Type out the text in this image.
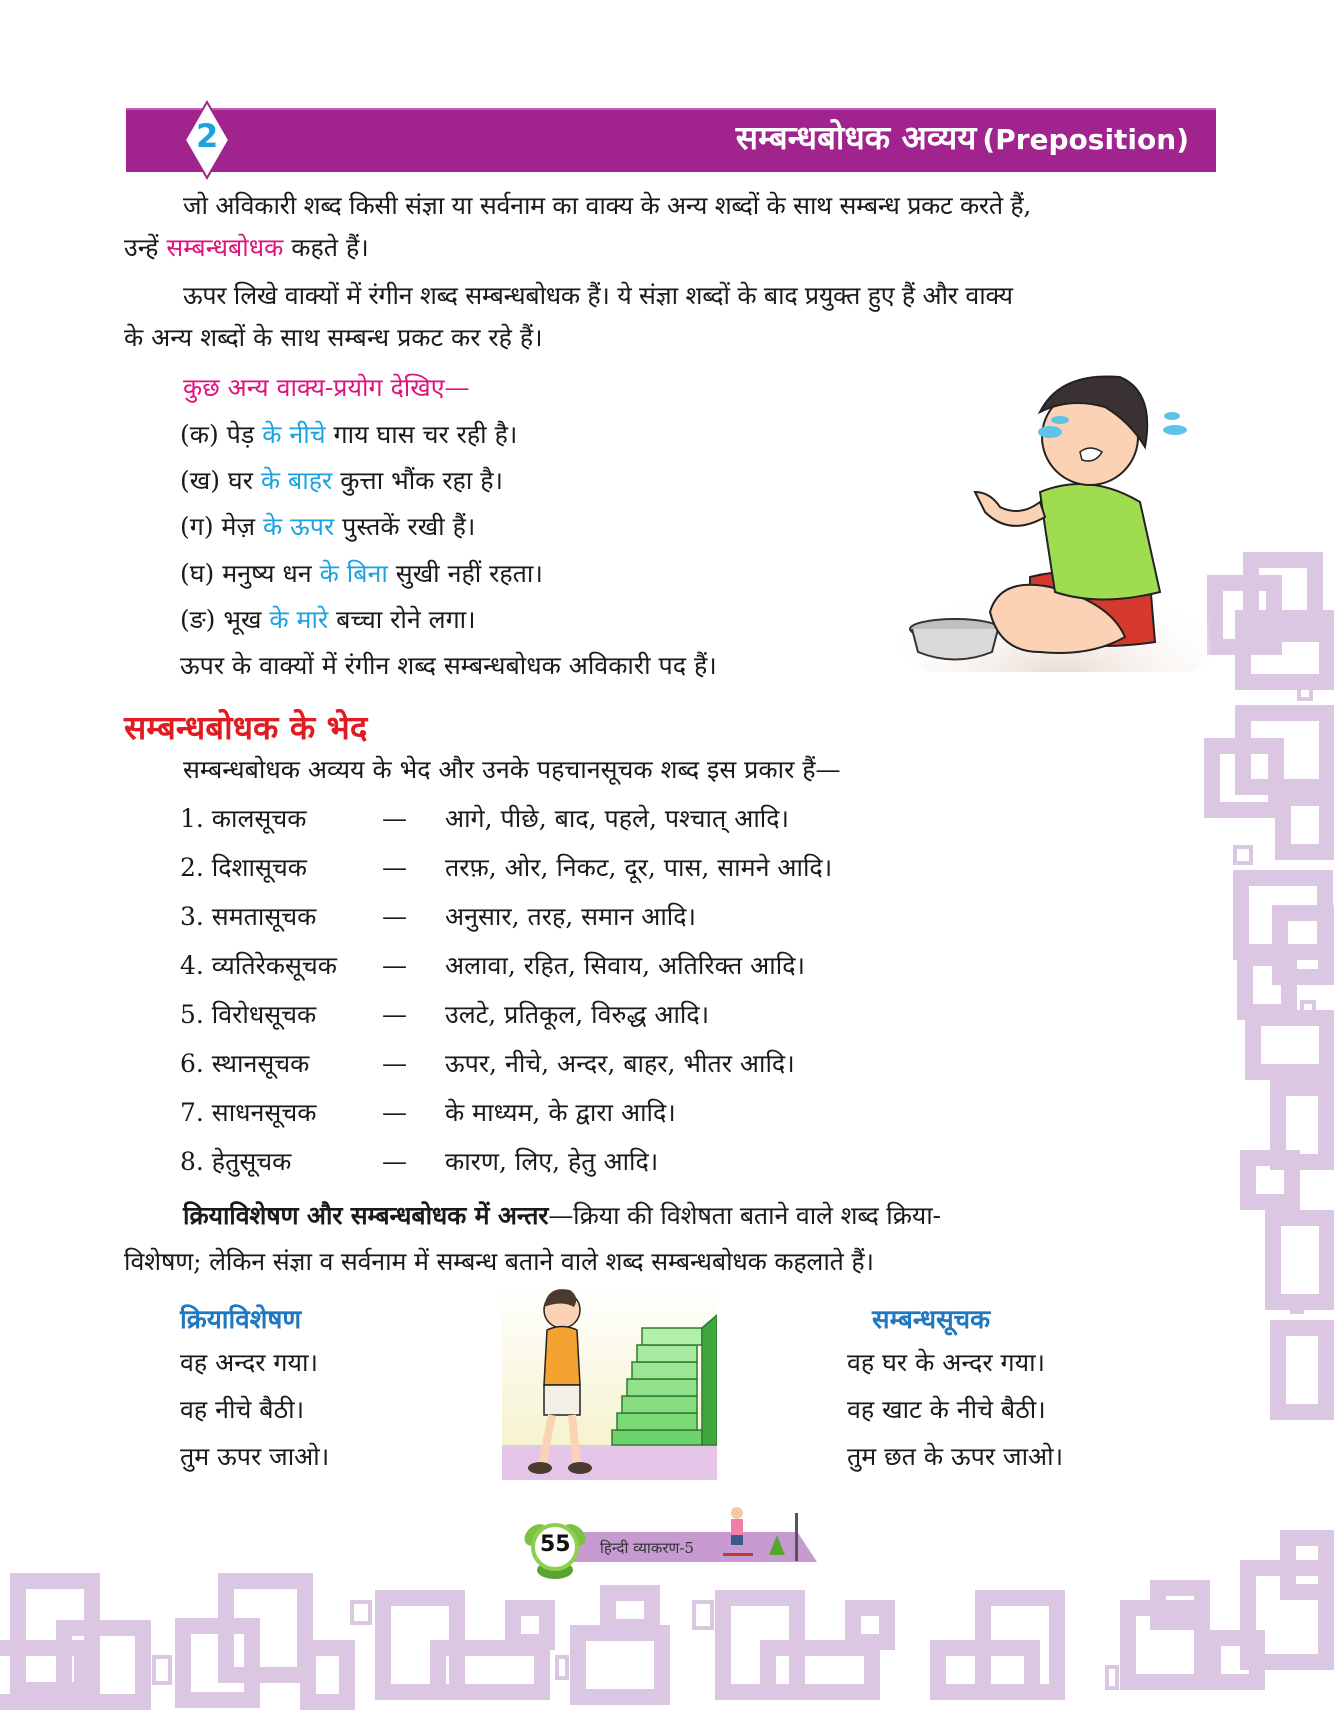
2	सम्बन्धबोधक अव्यय (Preposition)
जो अविकारी शब्द किसी संज्ञा या सर्वनाम का वाक्य के अन्य शब्दों के साथ सम्बन्ध प्रकट करते हैं,
उन्हें सम्बन्धबोधक कहते हैं।
ऊपर लिखे वाक्यों में रंगीन शब्द सम्बन्धबोधक हैं। ये संज्ञा शब्दों के बाद प्रयुक्त हुए हैं और वाक्य
के अन्य शब्दों के साथ सम्बन्ध प्रकट कर रहे हैं।
कुछ अन्य वाक्य-प्रयोग देखिए—
(क) पेड़ के नीचे गाय घास चर रही है।
(ख) घर के बाहर कुत्ता भौंक रहा है।
(ग) मेज़ के ऊपर पुस्तकें रखी हैं।
(घ) मनुष्य धन के बिना सुखी नहीं रहता।
(ङ) भूख के मारे बच्चा रोने लगा।
ऊपर के वाक्यों में रंगीन शब्द सम्बन्धबोधक अविकारी पद हैं।
सम्बन्धबोधक के भेद
सम्बन्धबोधक अव्यय के भेद और उनके पहचानसूचक शब्द इस प्रकार हैं—
1. कालसूचक	— आगे, पीछे, बाद, पहले, पश्चात् आदि।
2. दिशासूचक	— तरफ़, ओर, निकट, दूर, पास, सामने आदि।
3. समतासूचक	— अनुसार, तरह, समान आदि।
4. व्यतिरेकसूचक — अलावा, रहित, सिवाय, अतिरिक्त आदि।
5. विरोधसूचक	— उलटे, प्रतिकूल, विरुद्ध आदि।
6. स्थानसूचक	— ऊपर, नीचे, अन्दर, बाहर, भीतर आदि।
7. साधनसूचक	— के माध्यम, के द्वारा आदि।
8. हेतुसूचक	— कारण, लिए, हेतु आदि।
क्रियाविशेषण और सम्बन्धबोधक में अन्तर—क्रिया की विशेषता बताने वाले शब्द क्रिया-
विशेषण; लेकिन संज्ञा व सर्वनाम में सम्बन्ध बताने वाले शब्द सम्बन्धबोधक कहलाते हैं।
क्रियाविशेषण
वह अन्दर गया।
वह नीचे बैठी।
तुम ऊपर जाओ।
सम्बन्धसूचक
वह घर के अन्दर गया।
वह खाट के नीचे बैठी।
तुम छत के ऊपर जाओ।
55 हिन्दी व्याकरण-5
